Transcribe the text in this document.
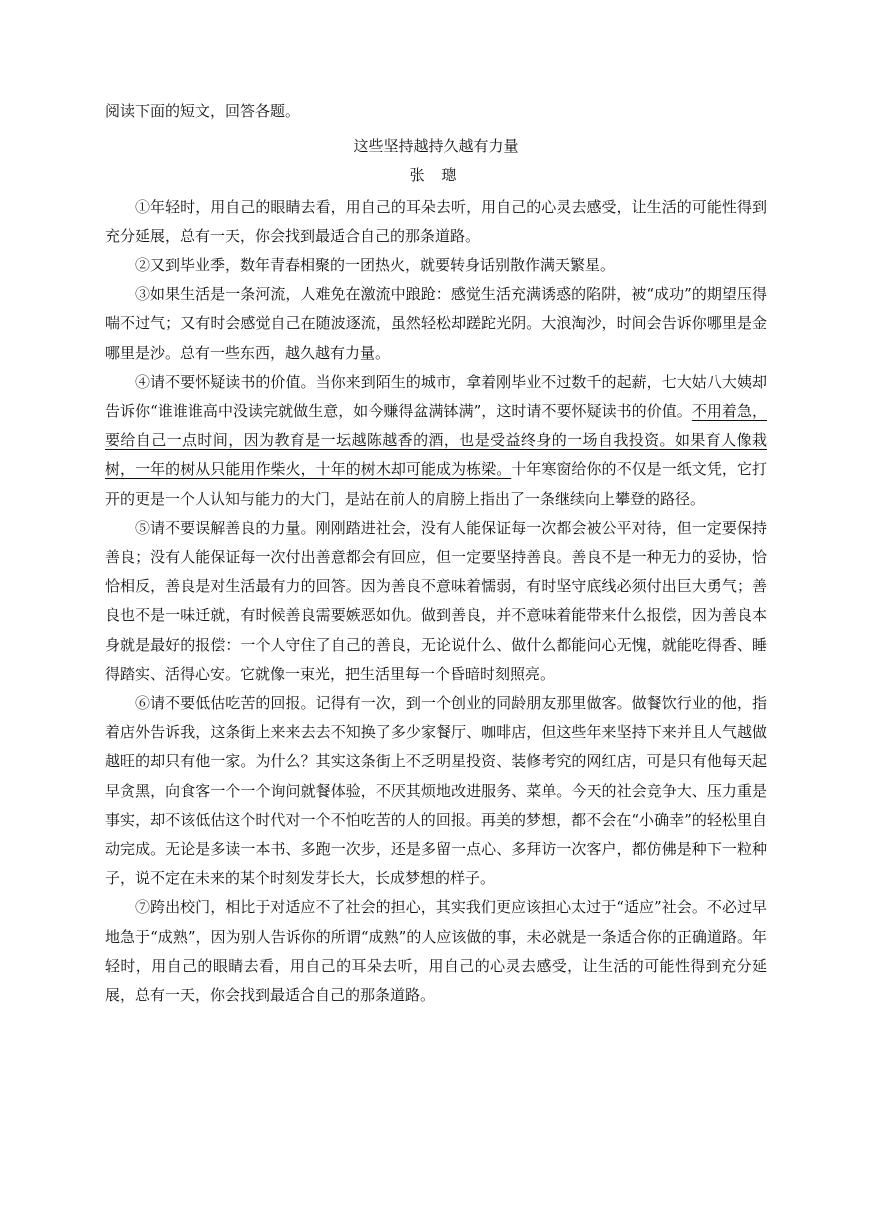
阅读下面的短文，回答各题。

这些坚持越持久越有力量

张 璁

①年轻时，用自己的眼睛去看，用自己的耳朵去听，用自己的心灵去感受，让生活的可能性得到充分延展，总有一天，你会找到最适合自己的那条道路。

②又到毕业季，数年青春相聚的一团热火，就要转身话别散作满天繁星。

③如果生活是一条河流，人难免在激流中踉跄：感觉生活充满诱惑的陷阱，被“成功”的期望压得喘不过气；又有时会感觉自己在随波逐流，虽然轻松却蹉跎光阴。大浪淘沙，时间会告诉你哪里是金哪里是沙。总有一些东西，越久越有力量。

④请不要怀疑读书的价值。当你来到陌生的城市，拿着刚毕业不过数千的起薪，七大姑八大姨却告诉你“谁谁谁高中没读完就做生意，如今赚得盆满钵满”，这时请不要怀疑读书的价值。不用着急，要给自己一点时间，因为教育是一坛越陈越香的酒，也是受益终身的一场自我投资。如果育人像栽树，一年的树从只能用作柴火，十年的树木却可能成为栋梁。十年寒窗给你的不仅是一纸文凭，它打开的更是一个人认知与能力的大门，是站在前人的肩膀上指出了一条继续向上攀登的路径。

⑤请不要误解善良的力量。刚刚踏进社会，没有人能保证每一次都会被公平对待，但一定要保持善良；没有人能保证每一次付出善意都会有回应，但一定要坚持善良。善良不是一种无力的妥协，恰恰相反，善良是对生活最有力的回答。因为善良不意味着懦弱，有时坚守底线必须付出巨大勇气；善良也不是一味迁就，有时候善良需要嫉恶如仇。做到善良，并不意味着能带来什么报偿，因为善良本身就是最好的报偿：一个人守住了自己的善良，无论说什么、做什么都能问心无愧，就能吃得香、睡得踏实、活得心安。它就像一束光，把生活里每一个昏暗时刻照亮。

⑥请不要低估吃苦的回报。记得有一次，到一个创业的同龄朋友那里做客。做餐饮行业的他，指着店外告诉我，这条街上来来去去不知换了多少家餐厅、咖啡店，但这些年来坚持下来并且人气越做越旺的却只有他一家。为什么？其实这条街上不乏明星投资、装修考究的网红店，可是只有他每天起早贪黑，向食客一个一个询问就餐体验，不厌其烦地改进服务、菜单。今天的社会竞争大、压力重是事实，却不该低估这个时代对一个不怕吃苦的人的回报。再美的梦想，都不会在“小确幸”的轻松里自动完成。无论是多读一本书、多跑一次步，还是多留一点心、多拜访一次客户，都仿佛是种下一粒种子，说不定在未来的某个时刻发芽长大，长成梦想的样子。

⑦跨出校门，相比于对适应不了社会的担心，其实我们更应该担心太过于“适应”社会。不必过早地急于“成熟”，因为别人告诉你的所谓“成熟”的人应该做的事，未必就是一条适合你的正确道路。年轻时，用自己的眼睛去看，用自己的耳朵去听，用自己的心灵去感受，让生活的可能性得到充分延展，总有一天，你会找到最适合自己的那条道路。
